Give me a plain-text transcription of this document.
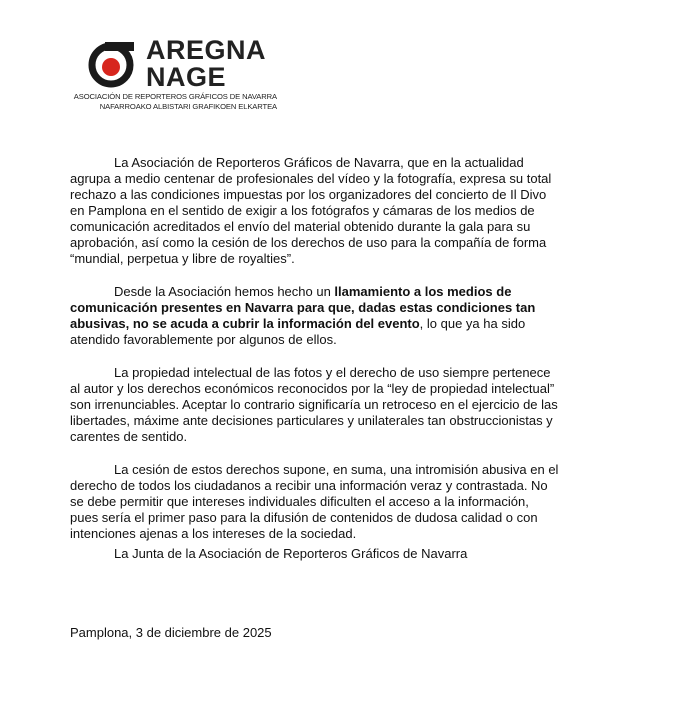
AREGNA
NAGE
ASOCIACIÓN DE REPORTEROS GRÁFICOS DE NAVARRA
NAFARROAKO ALBISTARI GRAFIKOEN ELKARTEA

La Asociación de Reporteros Gráficos de Navarra, que en la actualidad agrupa a medio centenar de profesionales del vídeo y la fotografía, expresa su total rechazo a las condiciones impuestas por los organizadores del concierto de Il Divo en Pamplona en el sentido de exigir a los fotógrafos y cámaras de los medios de comunicación acreditados el envío del material obtenido durante la gala para su aprobación, así como la cesión de los derechos de uso para la compañía de forma “mundial, perpetua y libre de royalties”.

Desde la Asociación hemos hecho un llamamiento a los medios de comunicación presentes en Navarra para que, dadas estas condiciones tan abusivas, no se acuda a cubrir la información del evento, lo que ya ha sido atendido favorablemente por algunos de ellos.

La propiedad intelectual de las fotos y el derecho de uso siempre pertenece al autor y los derechos económicos reconocidos por la “ley de propiedad intelectual” son irrenunciables. Aceptar lo contrario significaría un retroceso en el ejercicio de las libertades, máxime ante decisiones particulares y unilaterales tan obstruccionistas y carentes de sentido.

La cesión de estos derechos supone, en suma, una intromisión abusiva en el derecho de todos los ciudadanos a recibir una información veraz y contrastada. No se debe permitir que intereses individuales dificulten el acceso a la información, pues sería el primer paso para la difusión de contenidos de dudosa calidad o con intenciones ajenas a los intereses de la sociedad.

La Junta de la Asociación de Reporteros Gráficos de Navarra

Pamplona, 3 de diciembre de 2025
